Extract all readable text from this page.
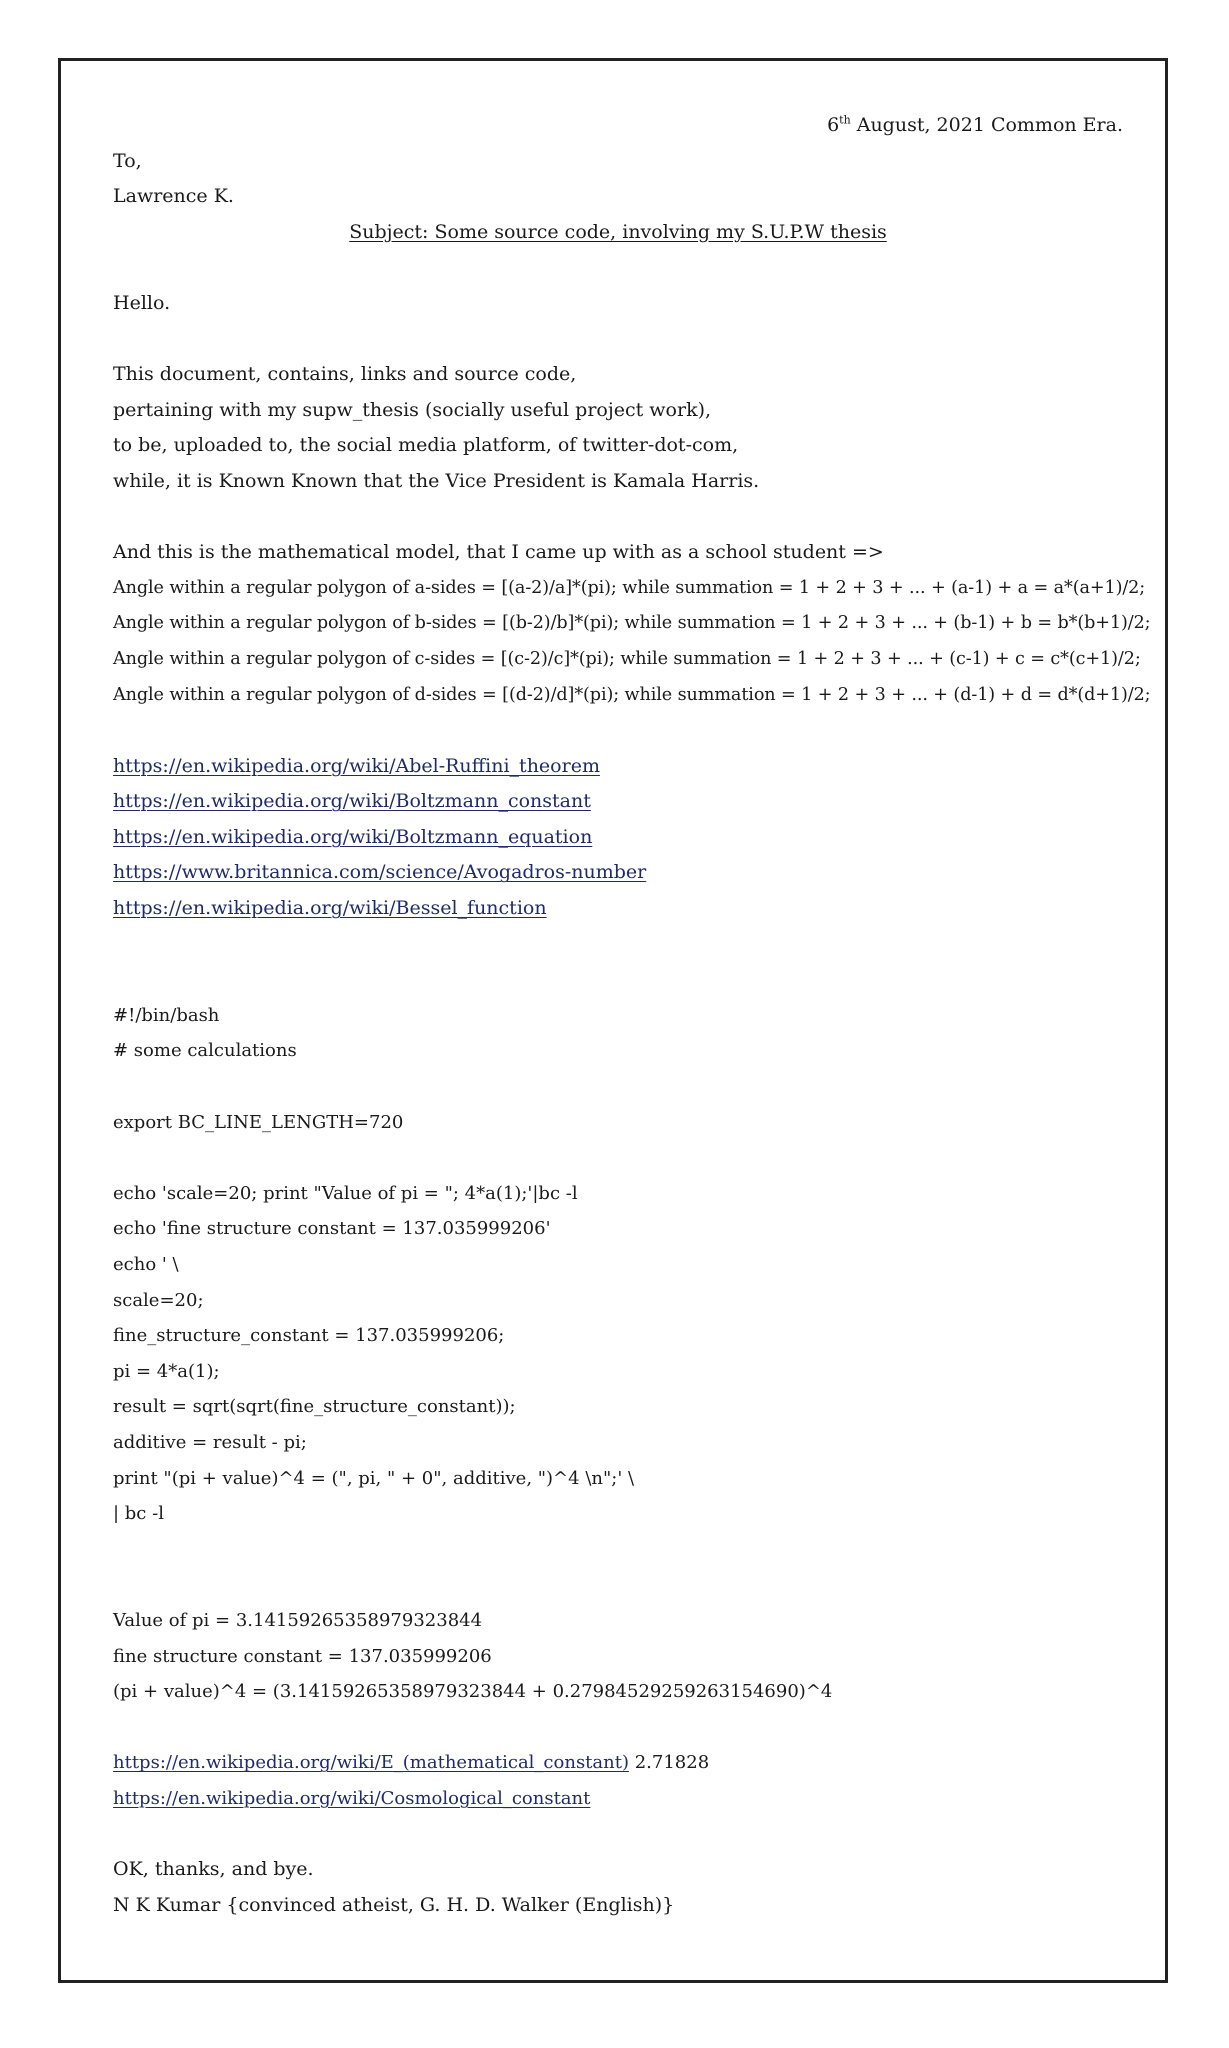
6th August, 2021 Common Era.
To,
Lawrence K.
Subject: Some source code, involving my S.U.P.W thesis
Hello.
This document, contains, links and source code,
pertaining with my supw_thesis (socially useful project work),
to be, uploaded to, the social media platform, of twitter-dot-com,
while, it is Known Known that the Vice President is Kamala Harris.
And this is the mathematical model, that I came up with as a school student =>
Angle within a regular polygon of a-sides = [(a-2)/a]*(pi); while summation = 1 + 2 + 3 + ... + (a-1) + a = a*(a+1)/2;
Angle within a regular polygon of b-sides = [(b-2)/b]*(pi); while summation = 1 + 2 + 3 + ... + (b-1) + b = b*(b+1)/2;
Angle within a regular polygon of c-sides = [(c-2)/c]*(pi); while summation = 1 + 2 + 3 + ... + (c-1) + c = c*(c+1)/2;
Angle within a regular polygon of d-sides = [(d-2)/d]*(pi); while summation = 1 + 2 + 3 + ... + (d-1) + d = d*(d+1)/2;
https://en.wikipedia.org/wiki/Abel-Ruffini_theorem
https://en.wikipedia.org/wiki/Boltzmann_constant
https://en.wikipedia.org/wiki/Boltzmann_equation
https://www.britannica.com/science/Avogadros-number
https://en.wikipedia.org/wiki/Bessel_function
#!/bin/bash
# some calculations
export BC_LINE_LENGTH=720
echo 'scale=20; print "Value of pi = "; 4*a(1);'|bc -l
echo 'fine structure constant = 137.035999206'
echo ' \
scale=20;
fine_structure_constant = 137.035999206;
pi = 4*a(1);
result = sqrt(sqrt(fine_structure_constant));
additive = result - pi;
print "(pi + value)^4 = (", pi, " + 0", additive, ")^4 \n";' \
| bc -l
Value of pi = 3.14159265358979323844
fine structure constant = 137.035999206
(pi + value)^4 = (3.14159265358979323844 + 0.27984529259263154690)^4
https://en.wikipedia.org/wiki/E_(mathematical_constant) 2.71828
https://en.wikipedia.org/wiki/Cosmological_constant
OK, thanks, and bye.
N K Kumar {convinced atheist, G. H. D. Walker (English)}
